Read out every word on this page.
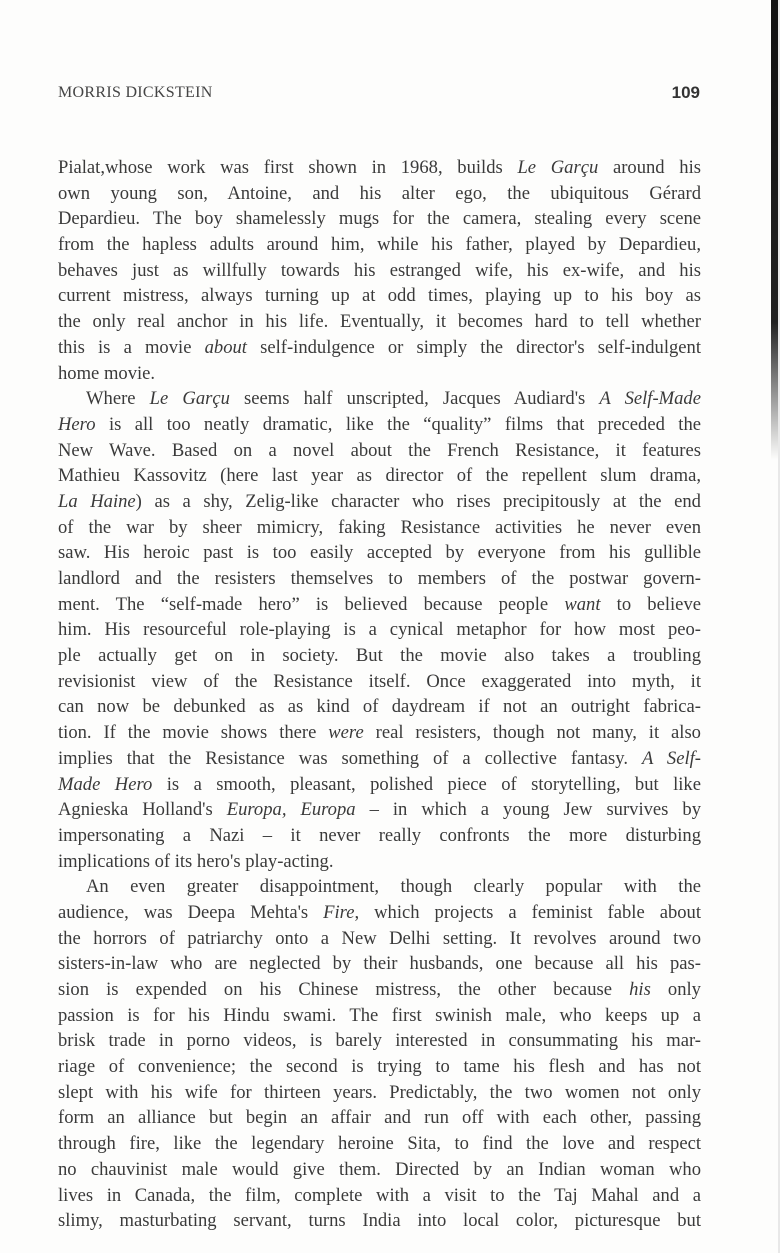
MORRIS DICKSTEIN	109
Pialat,whose work was first shown in 1968, builds Le Garçu around his
own young son, Antoine, and his alter ego, the ubiquitous Gérard
Depardieu. The boy shamelessly mugs for the camera, stealing every scene
from the hapless adults around him, while his father, played by Depardieu,
behaves just as willfully towards his estranged wife, his ex-wife, and his
current mistress, always turning up at odd times, playing up to his boy as
the only real anchor in his life. Eventually, it becomes hard to tell whether
this is a movie about self-indulgence or simply the director's self-indulgent
home movie.
Where Le Garçu seems half unscripted, Jacques Audiard's A Self-Made
Hero is all too neatly dramatic, like the “quality” films that preceded the
New Wave. Based on a novel about the French Resistance, it features
Mathieu Kassovitz (here last year as director of the repellent slum drama,
La Haine) as a shy, Zelig-like character who rises precipitously at the end
of the war by sheer mimicry, faking Resistance activities he never even
saw. His heroic past is too easily accepted by everyone from his gullible
landlord and the resisters themselves to members of the postwar govern-
ment. The “self-made hero” is believed because people want to believe
him. His resourceful role-playing is a cynical metaphor for how most peo-
ple actually get on in society. But the movie also takes a troubling
revisionist view of the Resistance itself. Once exaggerated into myth, it
can now be debunked as as kind of daydream if not an outright fabrica-
tion. If the movie shows there were real resisters, though not many, it also
implies that the Resistance was something of a collective fantasy. A Self-
Made Hero is a smooth, pleasant, polished piece of storytelling, but like
Agnieska Holland's Europa, Europa – in which a young Jew survives by
impersonating a Nazi – it never really confronts the more disturbing
implications of its hero's play-acting.
An even greater disappointment, though clearly popular with the
audience, was Deepa Mehta's Fire, which projects a feminist fable about
the horrors of patriarchy onto a New Delhi setting. It revolves around two
sisters-in-law who are neglected by their husbands, one because all his pas-
sion is expended on his Chinese mistress, the other because his only
passion is for his Hindu swami. The first swinish male, who keeps up a
brisk trade in porno videos, is barely interested in consummating his mar-
riage of convenience; the second is trying to tame his flesh and has not
slept with his wife for thirteen years. Predictably, the two women not only
form an alliance but begin an affair and run off with each other, passing
through fire, like the legendary heroine Sita, to find the love and respect
no chauvinist male would give them. Directed by an Indian woman who
lives in Canada, the film, complete with a visit to the Taj Mahal and a
slimy, masturbating servant, turns India into local color, picturesque but
